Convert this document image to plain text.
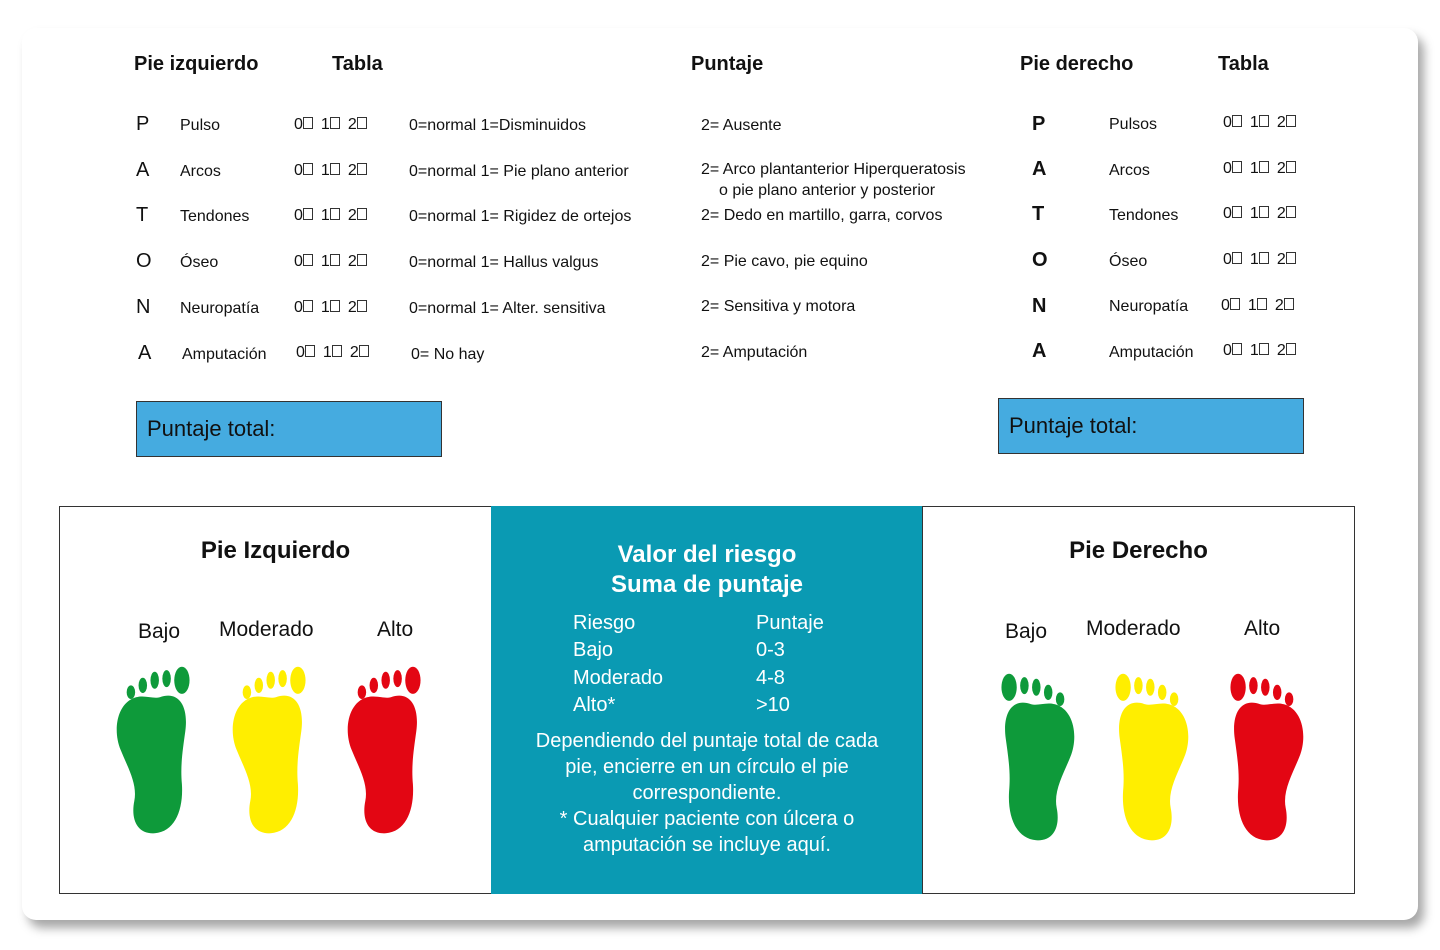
Pie izquierdo	Tabla	Puntaje	Pie derecho	Tabla
P Pulso	0 1 2	0=normal 1=Disminuidos	2= Ausente
A Arcos	0 1 2	0=normal 1= Pie plano anterior	2= Arco plantanterior Hiperqueratosis
o pie plano anterior y posterior
T Tendones	0 1 2	0=normal 1= Rigidez de ortejos	2= Dedo en martillo, garra, corvos
O Óseo	0 1 2	0=normal 1= Hallus valgus	2= Pie cavo, pie equino
N Neuropatía 0 1 2	0=normal 1= Alter. sensitiva	2= Sensitiva y motora
A Amputación 0 1 2	0= No hay	2= Amputación
P	Pulsos	0 1 2
A	Arcos	0 1 2
T	Tendones	0 1 2
O	Óseo	0 1 2
N	Neuropatía 0 1 2
A	Amputación 0 1 2
Puntaje total:	Puntaje total:
Pie Izquierdo
Bajo Moderado	Alto
Valor del riesgo
Suma de puntaje
Riesgo	Puntaje
Bajo	0-3
Moderado	4-8
Alto*	>10
Dependiendo del puntaje total de cada
pie, encierre en un círculo el pie
correspondiente.
* Cualquier paciente con úlcera o
amputación se incluye aquí.
Pie Derecho
Bajo Moderado	Alto
